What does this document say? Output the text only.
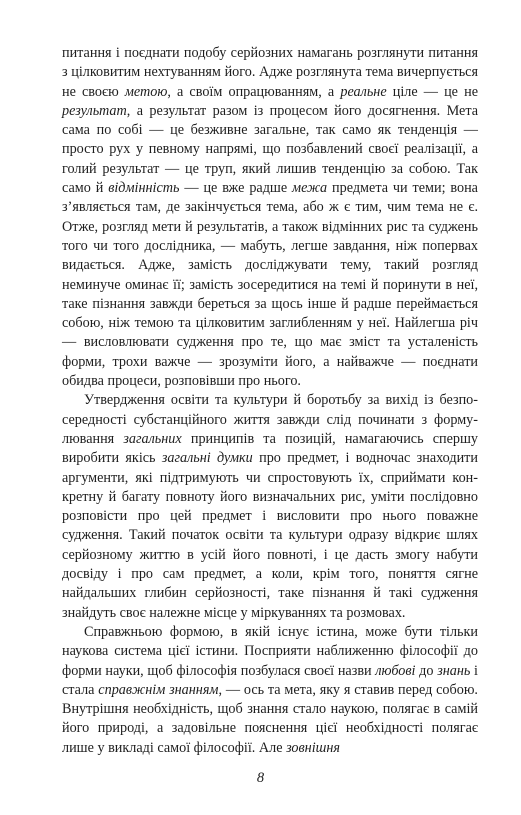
питання і поєднати подобу серйозних намагань розглянути питання з цілковитим нехтуванням його. Адже розглянута тема вичерпується не своєю метою, а своїм опрацюванням, а реальне ціле — це не результат, а результат разом із процесом його досягнення. Мета сама по собі — це безживне загальне, так само як тенденція — просто рух у певному напрямі, що позбавлений своєї реалізації, а голий результат — це труп, який лишив тенденцію за собою. Так само й відмінність — це вже радше межа предмета чи теми; вона з’являється там, де закінчується тема, або ж є тим, чим тема не є. Отже, розгляд мети й результатів, а також відмінних рис та суджень того чи того дослідника, — мабуть, легше завдання, ніж попервах видається. Адже, замість досліджувати тему, такий розгляд неминуче оминає її; замість зосередитися на темі й поринути в неї, таке пізнання завжди береться за щось інше й радше переймається собою, ніж темою та цілковитим заглибленням у неї. Найлегша річ — висловлювати судження про те, що має зміст та усталеність форми, трохи важче — зрозуміти його, а найважче — поєднати обидва процеси, розповівши про нього.

Утвердження освіти та культури й боротьбу за вихід із безпосередності субстанційного життя завжди слід починати з формулювання загальних принципів та позицій, намагаючись спершу виробити якісь загальні думки про предмет, і водночас знаходити аргументи, які підтримують чи спростовують їх, сприймати конкретну й багату повноту його визначальних рис, уміти послідовно розповісти про цей предмет і висловити про нього поважне судження. Такий початок освіти та культури одразу відкриє шлях серйозному життю в усій його повноті, і це дасть змогу набути досвіду і про сам предмет, а коли, крім того, поняття сягне найдальших глибин серйозності, таке пізнання й такі судження знайдуть своє належне місце у міркуваннях та розмовах.

Справжньою формою, в якій існує істина, може бути тільки наукова система цієї істини. Посприяти наближенню філософії до форми науки, щоб філософія позбулася своєї назви любові до знань і стала справжнім знанням, — ось та мета, яку я ставив перед собою. Внутрішня необхідність, щоб знання стало наукою, полягає в самій його природі, а задовільне пояснення цієї необхідності полягає лише у викладі самої філософії. Але зовнішня

8
